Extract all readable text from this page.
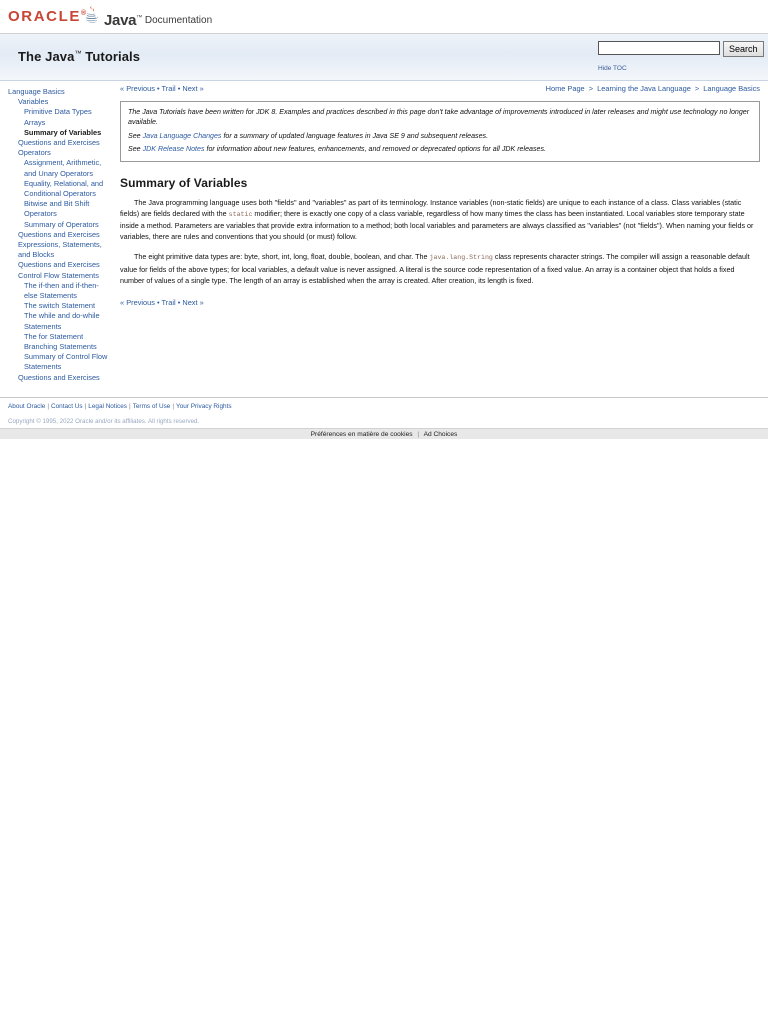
ORACLE® Java™ Documentation
The Java™ Tutorials
Search
Hide TOC
Language Basics
Variables
Primitive Data Types
Arrays
Summary of Variables
Questions and Exercises
Operators
Assignment, Arithmetic, and Unary Operators
Equality, Relational, and Conditional Operators
Bitwise and Bit Shift Operators
Summary of Operators
Questions and Exercises
Expressions, Statements, and Blocks
Questions and Exercises
Control Flow Statements
The if-then and if-then-else Statements
The switch Statement
The while and do-while Statements
The for Statement
Branching Statements
Summary of Control Flow Statements
Questions and Exercises
« Previous • Trail • Next »	Home Page > Learning the Java Language > Language Basics

The Java Tutorials have been written for JDK 8. Examples and practices described in this page don't take advantage of improvements introduced in later releases and might use technology no longer available.

See Java Language Changes for a summary of updated language features in Java SE 9 and subsequent releases.

See JDK Release Notes for information about new features, enhancements, and removed or deprecated options for all JDK releases.

Summary of Variables

The Java programming language uses both "fields" and "variables" as part of its terminology. Instance variables (non-static fields) are unique to each instance of a class. Class variables (static fields) are fields declared with the static modifier; there is exactly one copy of a class variable, regardless of how many times the class has been instantiated. Local variables store temporary state inside a method. Parameters are variables that provide extra information to a method; both local variables and parameters are always classified as "variables" (not "fields"). When naming your fields or variables, there are rules and conventions that you should (or must) follow.

The eight primitive data types are: byte, short, int, long, float, double, boolean, and char. The java.lang.String class represents character strings. The compiler will assign a reasonable default value for fields of the above types; for local variables, a default value is never assigned. A literal is the source code representation of a fixed value. An array is a container object that holds a fixed number of values of a single type. The length of an array is established when the array is created. After creation, its length is fixed.

« Previous • Trail • Next »
About Oracle | Contact Us | Legal Notices | Terms of Use | Your Privacy Rights
Copyright © 1995, 2022 Oracle and/or its affiliates. All rights reserved.
Préférences en matière de cookies | Ad Choices
